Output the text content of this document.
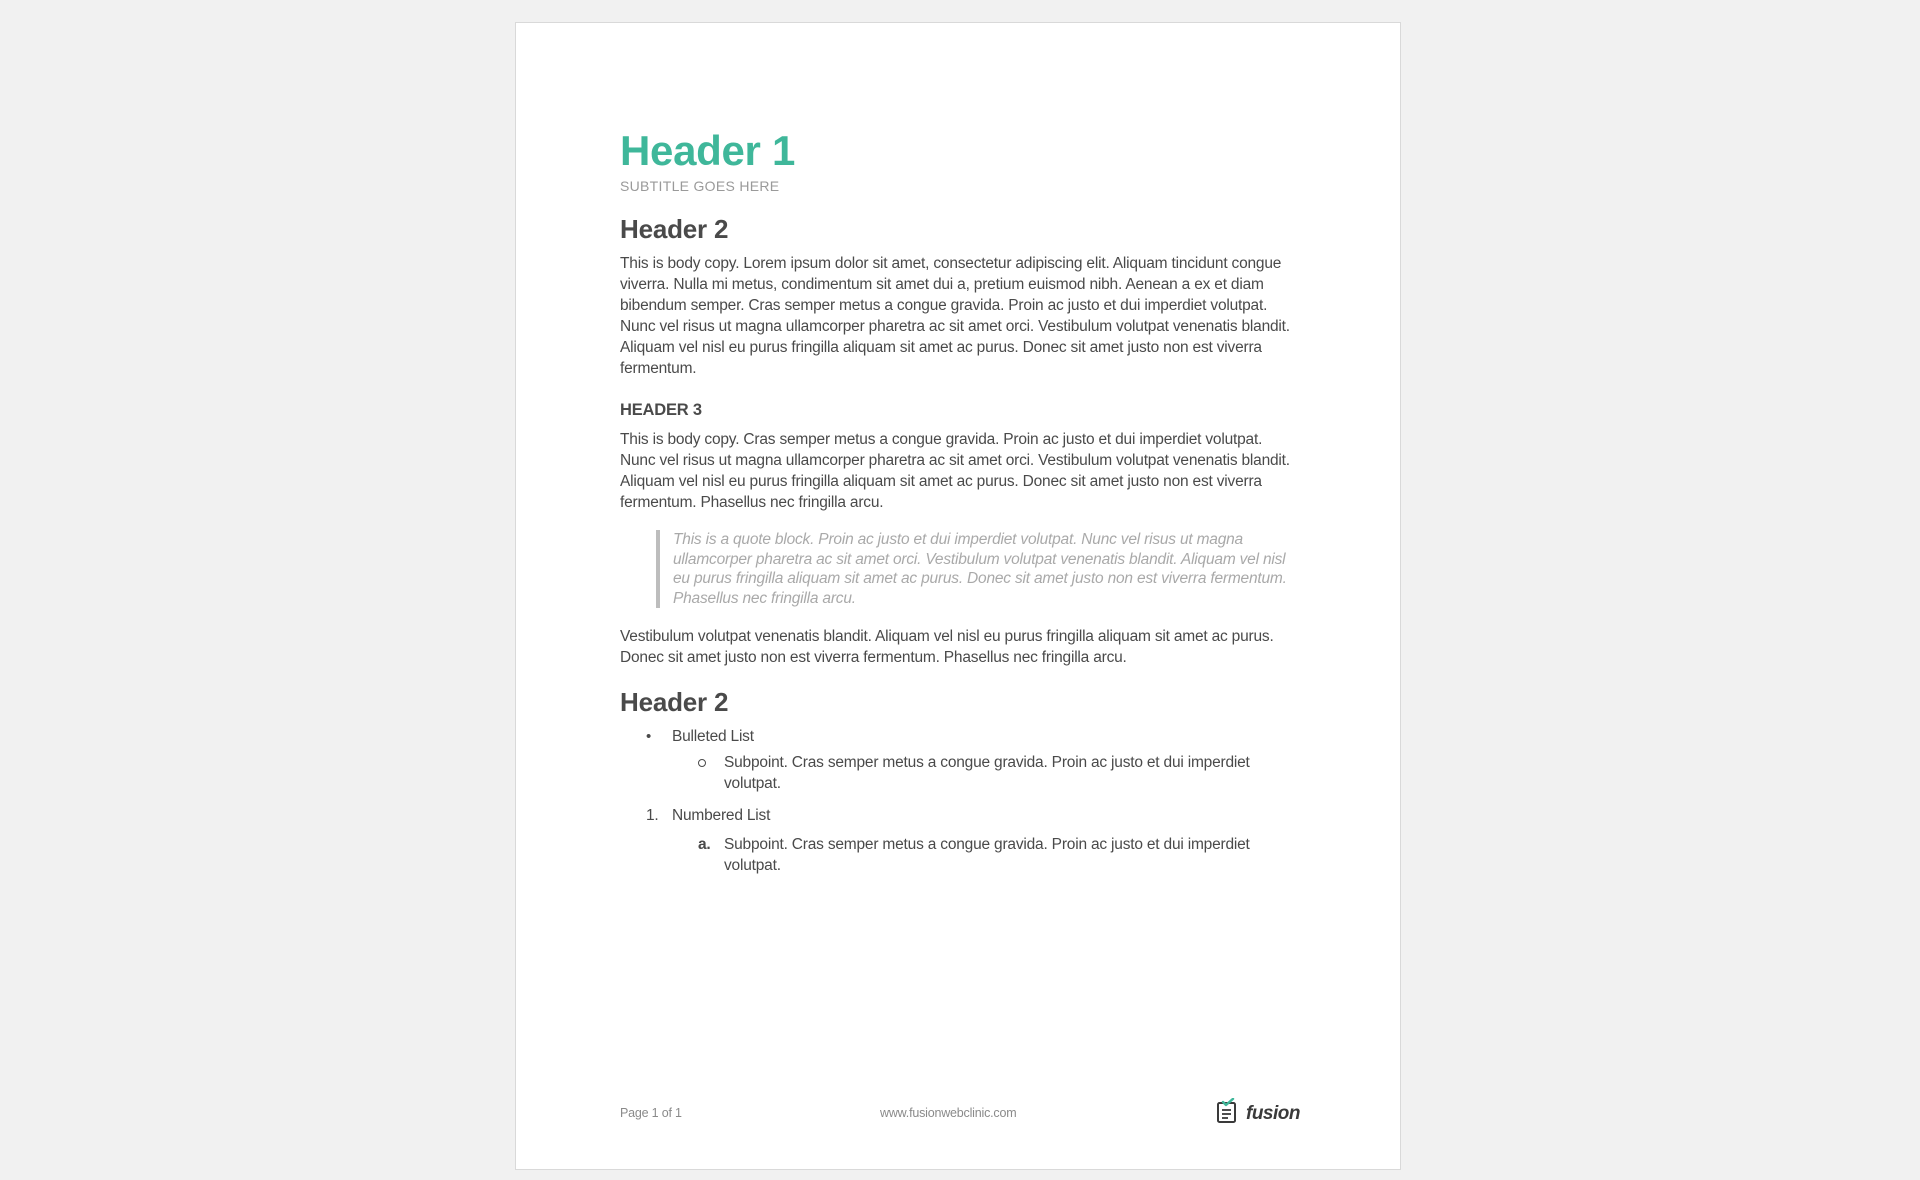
Header 1
SUBTITLE GOES HERE
Header 2

This is body copy. Lorem ipsum dolor sit amet, consectetur adipiscing elit. Aliquam tincidunt congue viverra. Nulla mi metus, condimentum sit amet dui a, pretium euismod nibh. Aenean a ex et diam bibendum semper. Cras semper metus a congue gravida. Proin ac justo et dui imperdiet volutpat. Nunc vel risus ut magna ullamcorper pharetra ac sit amet orci. Vestibulum volutpat venenatis blandit. Aliquam vel nisl eu purus fringilla aliquam sit amet ac purus. Donec sit amet justo non est viverra fermentum.

HEADER 3

This is body copy. Cras semper metus a congue gravida. Proin ac justo et dui imperdiet volutpat. Nunc vel risus ut magna ullamcorper pharetra ac sit amet orci. Vestibulum volutpat venenatis blandit. Aliquam vel nisl eu purus fringilla aliquam sit amet ac purus. Donec sit amet justo non est viverra fermentum. Phasellus nec fringilla arcu.

This is a quote block. Proin ac justo et dui imperdiet volutpat. Nunc vel risus ut magna ullamcorper pharetra ac sit amet orci. Vestibulum volutpat venenatis blandit. Aliquam vel nisl eu purus fringilla aliquam sit amet ac purus. Donec sit amet justo non est viverra fermentum. Phasellus nec fringilla arcu.

Vestibulum volutpat venenatis blandit. Aliquam vel nisl eu purus fringilla aliquam sit amet ac purus. Donec sit amet justo non est viverra fermentum. Phasellus nec fringilla arcu.

Header 2
• Bulleted List
Subpoint. Cras semper metus a congue gravida. Proin ac justo et dui imperdiet volutpat.
1. Numbered List
a. Subpoint. Cras semper metus a congue gravida. Proin ac justo et dui imperdiet volutpat.
Page 1 of 1	www.fusionwebclinic.com	fusion
